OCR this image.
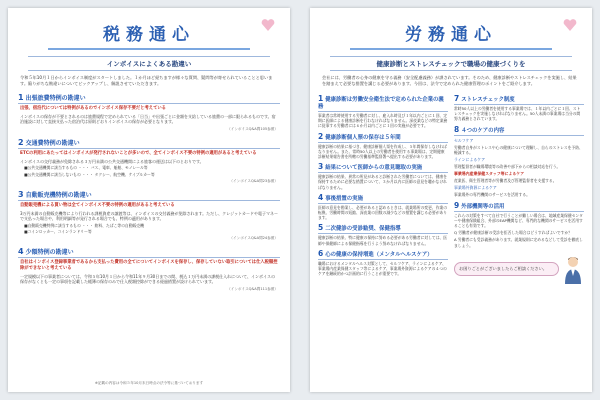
税務通心
インボイスによくある勘違い
令和５年10月１日からインボイス制度がスタートしました。１か月ほど経ちますが様々な質問、疑問等が寄せられていることと思います。陥りがちな勘違いについてピックアップし、解説させていただきます。
1 出張旅費特例の勘違い
出張、宿泊代については特例があるのでインボイス保存不要だと考えている
インボイスの保存が不要とされるのは旅費規程で定められている「日当」や出張ごとに金額を支給している旅費の一部に限られるものです。宿泊施設に対して直接支払った宿泊代は原則どおりインボイスの保存が必要となります。
（インボイスQ&A問105参照）
2 交通費特例の勘違い
ETCの利用にあたってはインボイスが発行されないことが多いので、全てインボイス不要の特例の適用があると考えている
インボイスの交付義務が免除される３万円未満の公共交通機関による旅客の運送は以下のとおりです。
■公共交通機関に該当するもの ・・・ バス、電車、船舶、モノレール等
■公共交通機関に該当しないもの ・・・ タクシー、航空機、ケイブルカー等
（インボイスQ&A問23参照）
3 自動販売機特例の勘違い
自動販売機による買い物は全てインボイス不要の特例の適用があると考えている
3万円未満の自動販売機等により行われる課税資産の譲渡等は、インボイスの交付義務が免除されます。ただし、クレジットカードや電子マネーで支払った場合や、利用明細等が発行される場合でも、特例の適用があります。
■自動販売機特例に該当するもの ・・・ 飲料、たばこ等の自動販売機
■コインロッカー、コインランドリー等
（インボイスQ&A問24参照）
4 少額特例の勘違い
自社はインボイス登録事業者であるから支払った費用の全てについてインボイスを保存し、保存していない取引については仕入税額控除ができないと考えている
一定規模以下の事業者については、令和５年10月１日から令和11年９月30日までの間、税込１万円未満の課税仕入れについて、インボイスの保存がなくとも一定の事項を記載した帳簿の保存のみで仕入税額控除ができる経過措置が設けられています。
（インボイスQ&A問111参照）
※記載の内容は令和５年10月末日時点の法令等に基づいております
労務通心
健康診断とストレスチェックで職場の健康づくりを
会社には、労働者の心身の健康を守る義務（安全配慮義務）が課されています。そのため、健康診断やストレスチェックを実施し、結果を踏まえて必要な措置を講じる必要があります。今回は、法令で定められた健康管理のポイントをご紹介します。
1 健康診断は労働安全衛生法で定められた企業の義務
事業者は常時使用する労働者に対し、雇入れ時及び１年以内ごとに１回、定期に医師による健康診断を行わなければなりません。深夜業などの特定業務に従事する労働者には６か月以内ごとに１回の実施が必要です。
2 健康診断個人票の保存は５年間
健康診断の結果に基づき、健康診断個人票を作成し、５年間保存しなければなりません。また、常時50人以上の労働者を使用する事業場は、定期健康診断結果報告書を所轄の労働基準監督署へ提出する必要があります。
3 結果について医師からの意見聴取の実施
健康診断の結果、異常の所見があると診断された労働者については、健康を保持するために必要な措置について、３か月以内に医師の意見を聴かなければなりません。
4 事後措置の実施
医師の意見を勘案し、必要があると認めるときは、就業場所の変更、作業の転換、労働時間の短縮、深夜業の回数の減少などの措置を講じる必要があります。
5 二次健診の受診勧奨、保健指導
健康診断の結果、特に健康の保持に努める必要がある労働者に対しては、医師や保健師による保健指導を行うよう努めなければなりません。
6 心の健康の保持増進（メンタルヘルスケア）
職場におけるメンタルヘルス対策として、セルフケア、ラインによるケア、事業場内産業保健スタッフ等によるケア、事業場外資源によるケアの４つのケアを継続的かつ計画的に行うことが重要です。
7 ストレスチェック制度
常時50人以上の労働者を使用する事業場では、１年以内ごとに１回、ストレスチェックを実施しなければなりません。50人未満の事業場は当分の間努力義務とされています。
8 ４つのケアの内容
セルフケア
労働者自身がストレスや心の健康について理解し、自らのストレスを予防、軽減する。
ラインによるケア
管理監督者が職場環境等の改善や部下からの相談対応を行う。
事業場内産業保健スタッフ等によるケア
産業医、衛生管理者等が労働者及び管理監督者を支援する。
事業場外資源によるケア
事業場外の専門機関のサービスを活用する。
9 外部機関等の活用
これらの対策をすべて自社で行うことが難しい場合は、地域産業保健センターや健康保険組合、外部のEAP機関など、専門的な機関のサービスを活用することも有効です。
Q 労働者が健康診断の受診を拒否した場合はどうすればよいですか？
A 労働者にも受診義務があります。就業規則に定めるなどして受診を徹底しましょう。
お困りごとがございましたらご相談ください。
